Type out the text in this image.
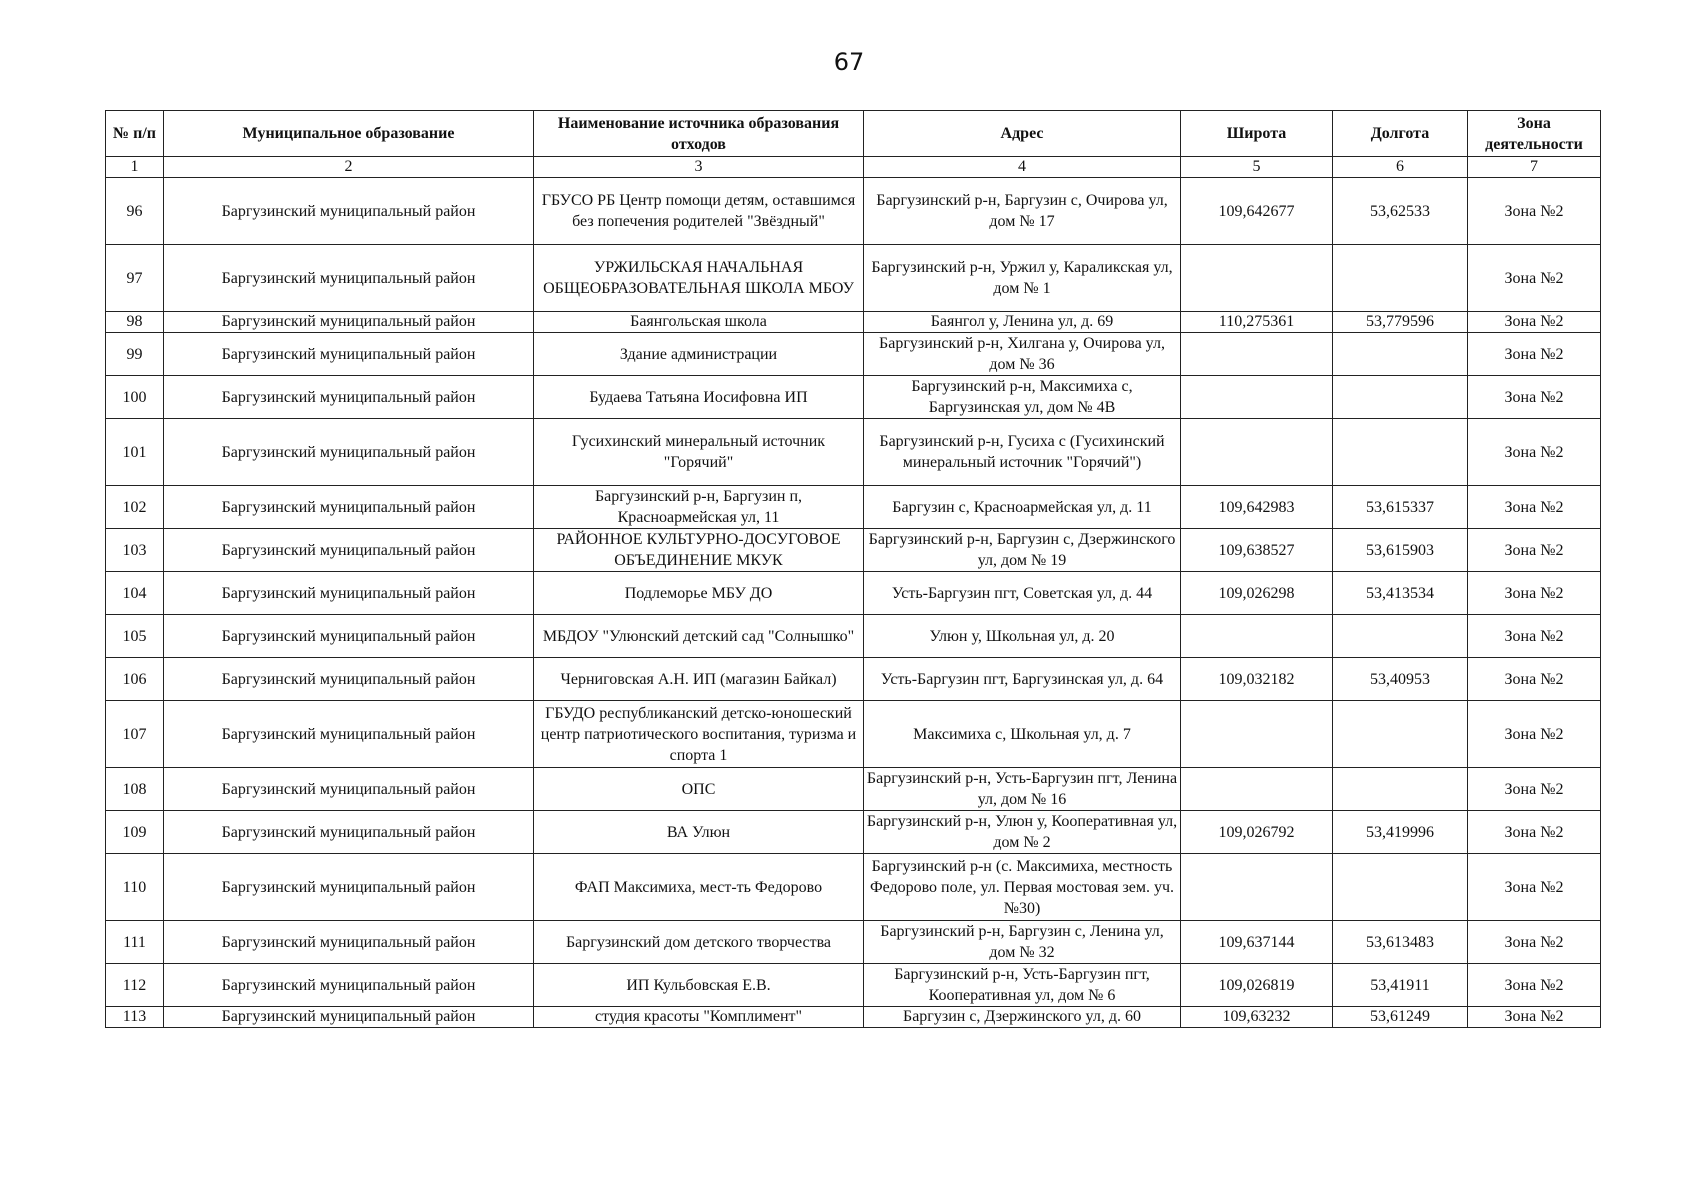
67
№ п/п	Муниципальное образование	Наименование источника образования отходов	Адрес	Широта	Долгота	Зона деятельности
1	2	3	4	5	6	7
96	Баргузинский муниципальный район	ГБУСО РБ Центр помощи детям, оставшимся без попечения родителей "Звёздный"	Баргузинский р-н, Баргузин с, Очирова ул, дом № 17	109,642677	53,62533	Зона №2
97	Баргузинский муниципальный район	УРЖИЛЬСКАЯ НАЧАЛЬНАЯ ОБЩЕОБРАЗОВАТЕЛЬНАЯ ШКОЛА МБОУ	Баргузинский р-н, Уржил у, Караликская ул, дом № 1			Зона №2
98	Баргузинский муниципальный район	Баянгольская школа	Баянгол у, Ленина ул, д. 69	110,275361	53,779596	Зона №2
99	Баргузинский муниципальный район	Здание администрации	Баргузинский р-н, Хилгана у, Очирова ул, дом № 36			Зона №2
100	Баргузинский муниципальный район	Будаева Татьяна Иосифовна ИП	Баргузинский р-н, Максимиха с, Баргузинская ул, дом № 4В			Зона №2
101	Баргузинский муниципальный район	Гусихинский минеральный источник "Горячий"	Баргузинский р-н, Гусиха с (Гусихинский минеральный источник "Горячий")			Зона №2
102	Баргузинский муниципальный район	Баргузинский р-н, Баргузин п, Красноармейская ул, 11	Баргузин с, Красноармейская ул, д. 11	109,642983	53,615337	Зона №2
103	Баргузинский муниципальный район	РАЙОННОЕ КУЛЬТУРНО-ДОСУГОВОЕ ОБЪЕДИНЕНИЕ МКУК	Баргузинский р-н, Баргузин с, Дзержинского ул, дом № 19	109,638527	53,615903	Зона №2
104	Баргузинский муниципальный район	Подлеморье МБУ ДО	Усть-Баргузин пгт, Советская ул, д. 44	109,026298	53,413534	Зона №2
105	Баргузинский муниципальный район	МБДОУ "Улюнский детский сад "Солнышко"	Улюн у, Школьная ул, д. 20			Зона №2
106	Баргузинский муниципальный район	Черниговская А.Н. ИП (магазин Байкал)	Усть-Баргузин пгт, Баргузинская ул, д. 64	109,032182	53,40953	Зона №2
107	Баргузинский муниципальный район	ГБУДО республиканский детско-юношеский центр патриотического воспитания, туризма и спорта 1	Максимиха с, Школьная ул, д. 7			Зона №2
108	Баргузинский муниципальный район	ОПС	Баргузинский р-н, Усть-Баргузин пгт, Ленина ул, дом № 16			Зона №2
109	Баргузинский муниципальный район	ВА Улюн	Баргузинский р-н, Улюн у, Кооперативная ул, дом № 2	109,026792	53,419996	Зона №2
110	Баргузинский муниципальный район	ФАП Максимиха, мест-ть Федорово	Баргузинский р-н (с. Максимиха, местность Федорово поле, ул. Первая мостовая зем. уч. №30)			Зона №2
111	Баргузинский муниципальный район	Баргузинский дом детского творчества	Баргузинский р-н, Баргузин с, Ленина ул, дом № 32	109,637144	53,613483	Зона №2
112	Баргузинский муниципальный район	ИП Кульбовская Е.В.	Баргузинский р-н, Усть-Баргузин пгт, Кооперативная ул, дом № 6	109,026819	53,41911	Зона №2
113	Баргузинский муниципальный район	студия красоты "Комплимент"	Баргузин с, Дзержинского ул, д. 60	109,63232	53,61249	Зона №2
